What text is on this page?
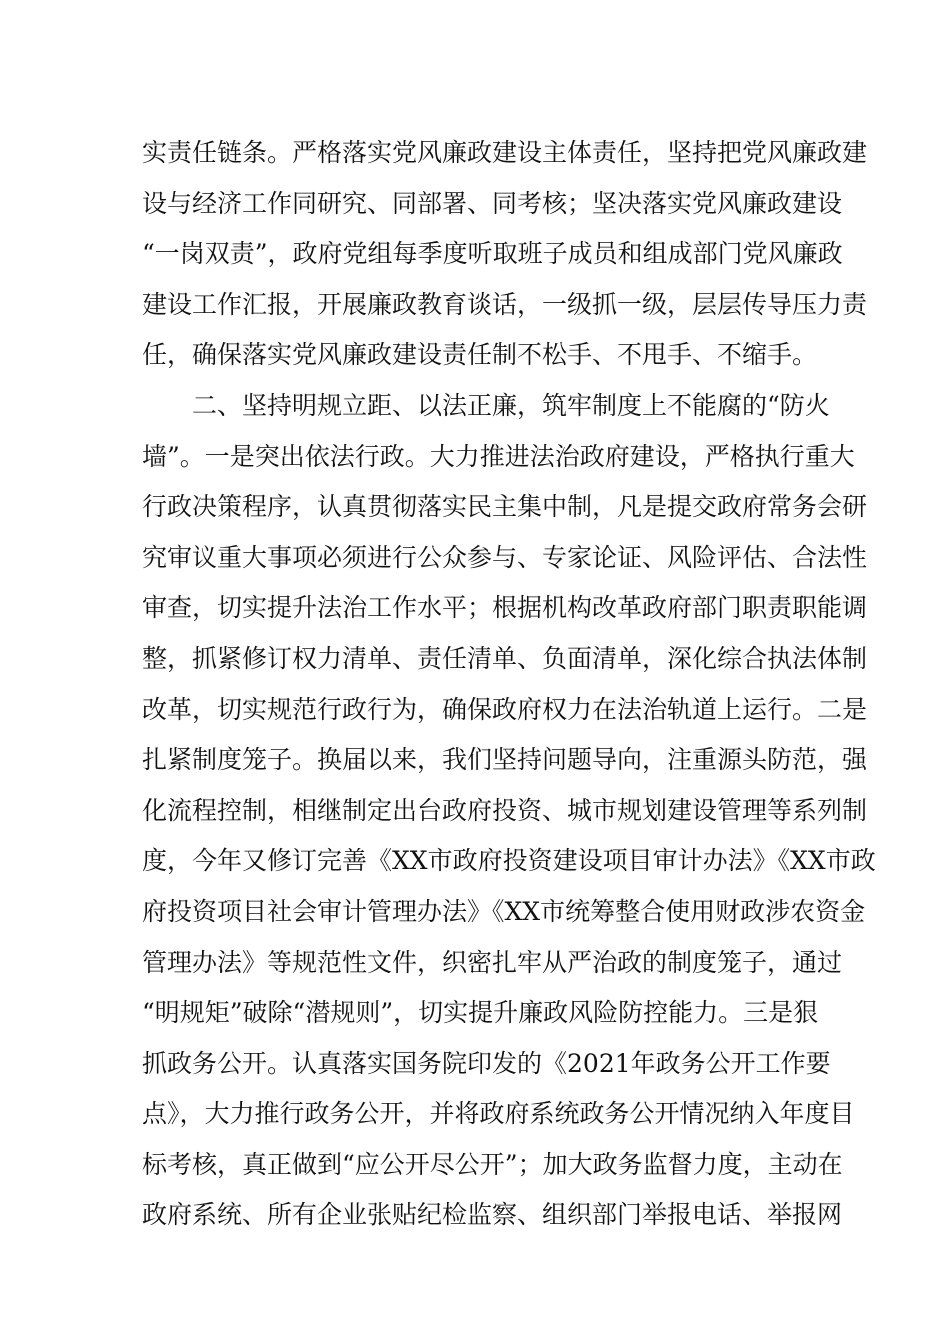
实责任链条。严格落实党风廉政建设主体责任，坚持把党风廉政建
设与经济工作同研究、同部署、同考核；坚决落实党风廉政建设
“一岗双责”，政府党组每季度听取班子成员和组成部门党风廉政
建设工作汇报，开展廉政教育谈话，一级抓一级，层层传导压力责
任，确保落实党风廉政建设责任制不松手、不甩手、不缩手。
二、坚持明规立距、以法正廉，筑牢制度上不能腐的“防火
墙”。一是突出依法行政。大力推进法治政府建设，严格执行重大
行政决策程序，认真贯彻落实民主集中制，凡是提交政府常务会研
究审议重大事项必须进行公众参与、专家论证、风险评估、合法性
审查，切实提升法治工作水平；根据机构改革政府部门职责职能调
整，抓紧修订权力清单、责任清单、负面清单，深化综合执法体制
改革，切实规范行政行为，确保政府权力在法治轨道上运行。二是
扎紧制度笼子。换届以来，我们坚持问题导向，注重源头防范，强
化流程控制，相继制定出台政府投资、城市规划建设管理等系列制
度，今年又修订完善《XX市政府投资建设项目审计办法》《XX市政
府投资项目社会审计管理办法》《XX市统筹整合使用财政涉农资金
管理办法》等规范性文件，织密扎牢从严治政的制度笼子，通过
“明规矩”破除“潜规则”，切实提升廉政风险防控能力。三是狠
抓政务公开。认真落实国务院印发的《2021年政务公开工作要
点》，大力推行政务公开，并将政府系统政务公开情况纳入年度目
标考核，真正做到“应公开尽公开”；加大政务监督力度，主动在
政府系统、所有企业张贴纪检监察、组织部门举报电话、举报网
